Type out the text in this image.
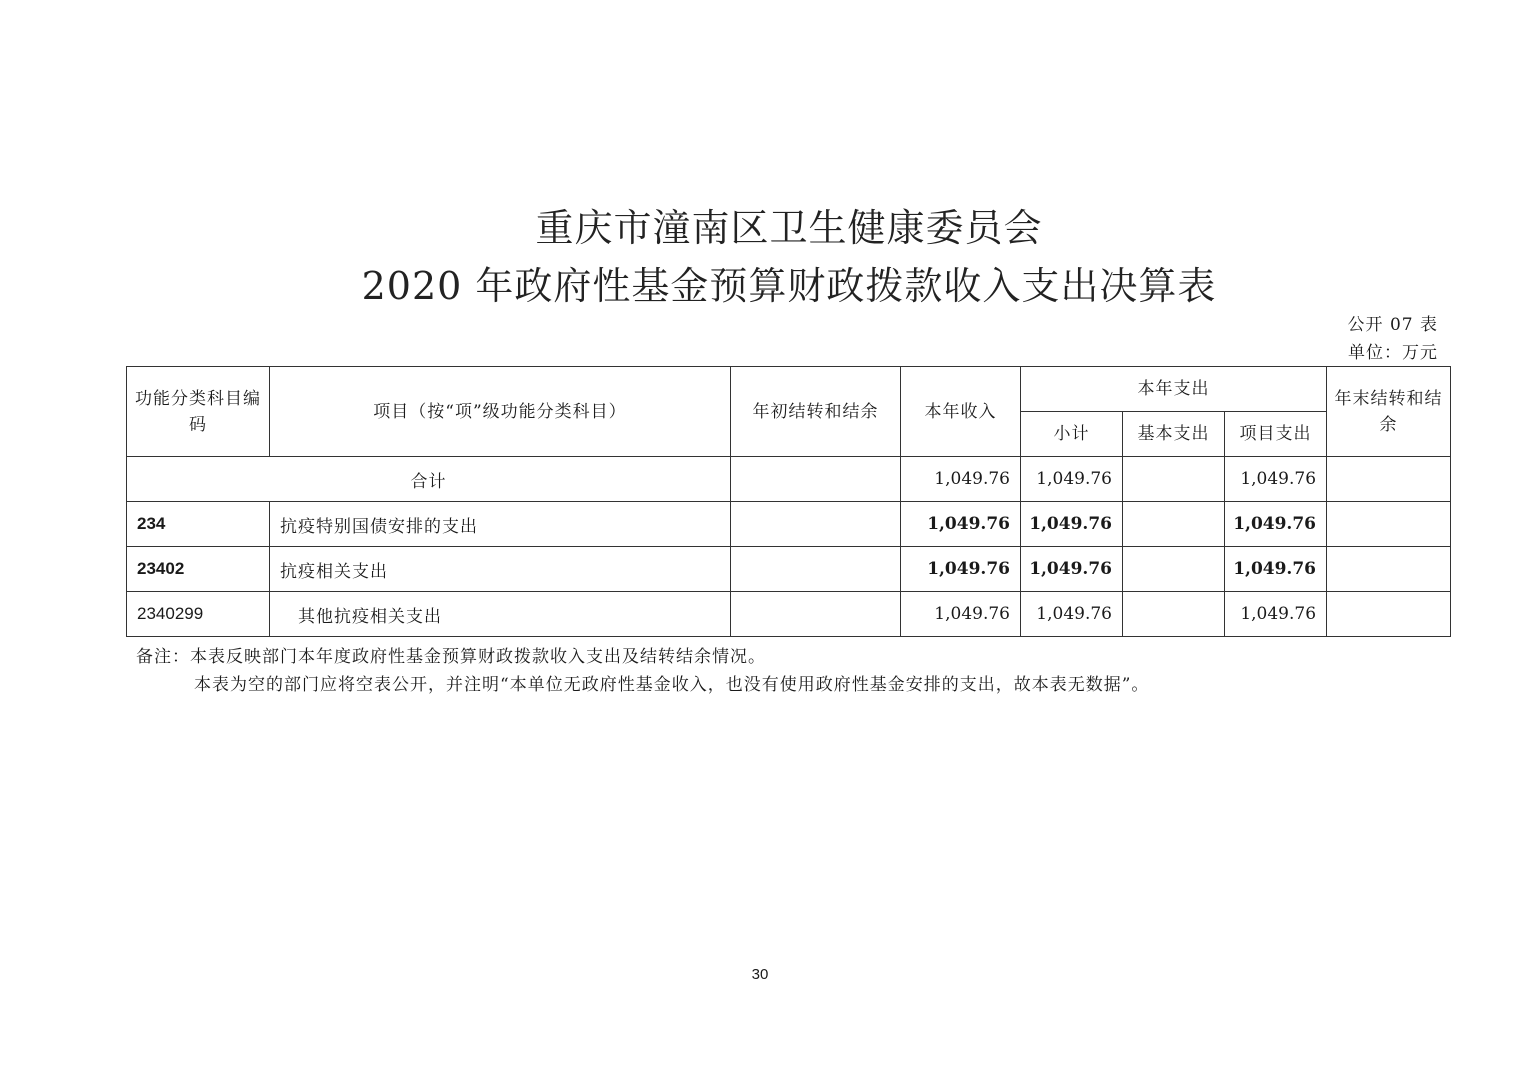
重庆市潼南区卫生健康委员会
2020 年政府性基金预算财政拨款收入支出决算表
公开 07 表
单位：万元
功能分类科目编码	项目（按“项”级功能分类科目）	年初结转和结余	本年收入	本年支出			年末结转和结余
				小计	基本支出	项目支出	
合计			1,049.76	1,049.76		1,049.76	
234	抗疫特别国债安排的支出		1,049.76	1,049.76		1,049.76	
23402	抗疫相关支出		1,049.76	1,049.76		1,049.76	
2340299	其他抗疫相关支出		1,049.76	1,049.76		1,049.76	
备注：本表反映部门本年度政府性基金预算财政拨款收入支出及结转结余情况。
本表为空的部门应将空表公开，并注明“本单位无政府性基金收入，也没有使用政府性基金安排的支出，故本表无数据”。
30
